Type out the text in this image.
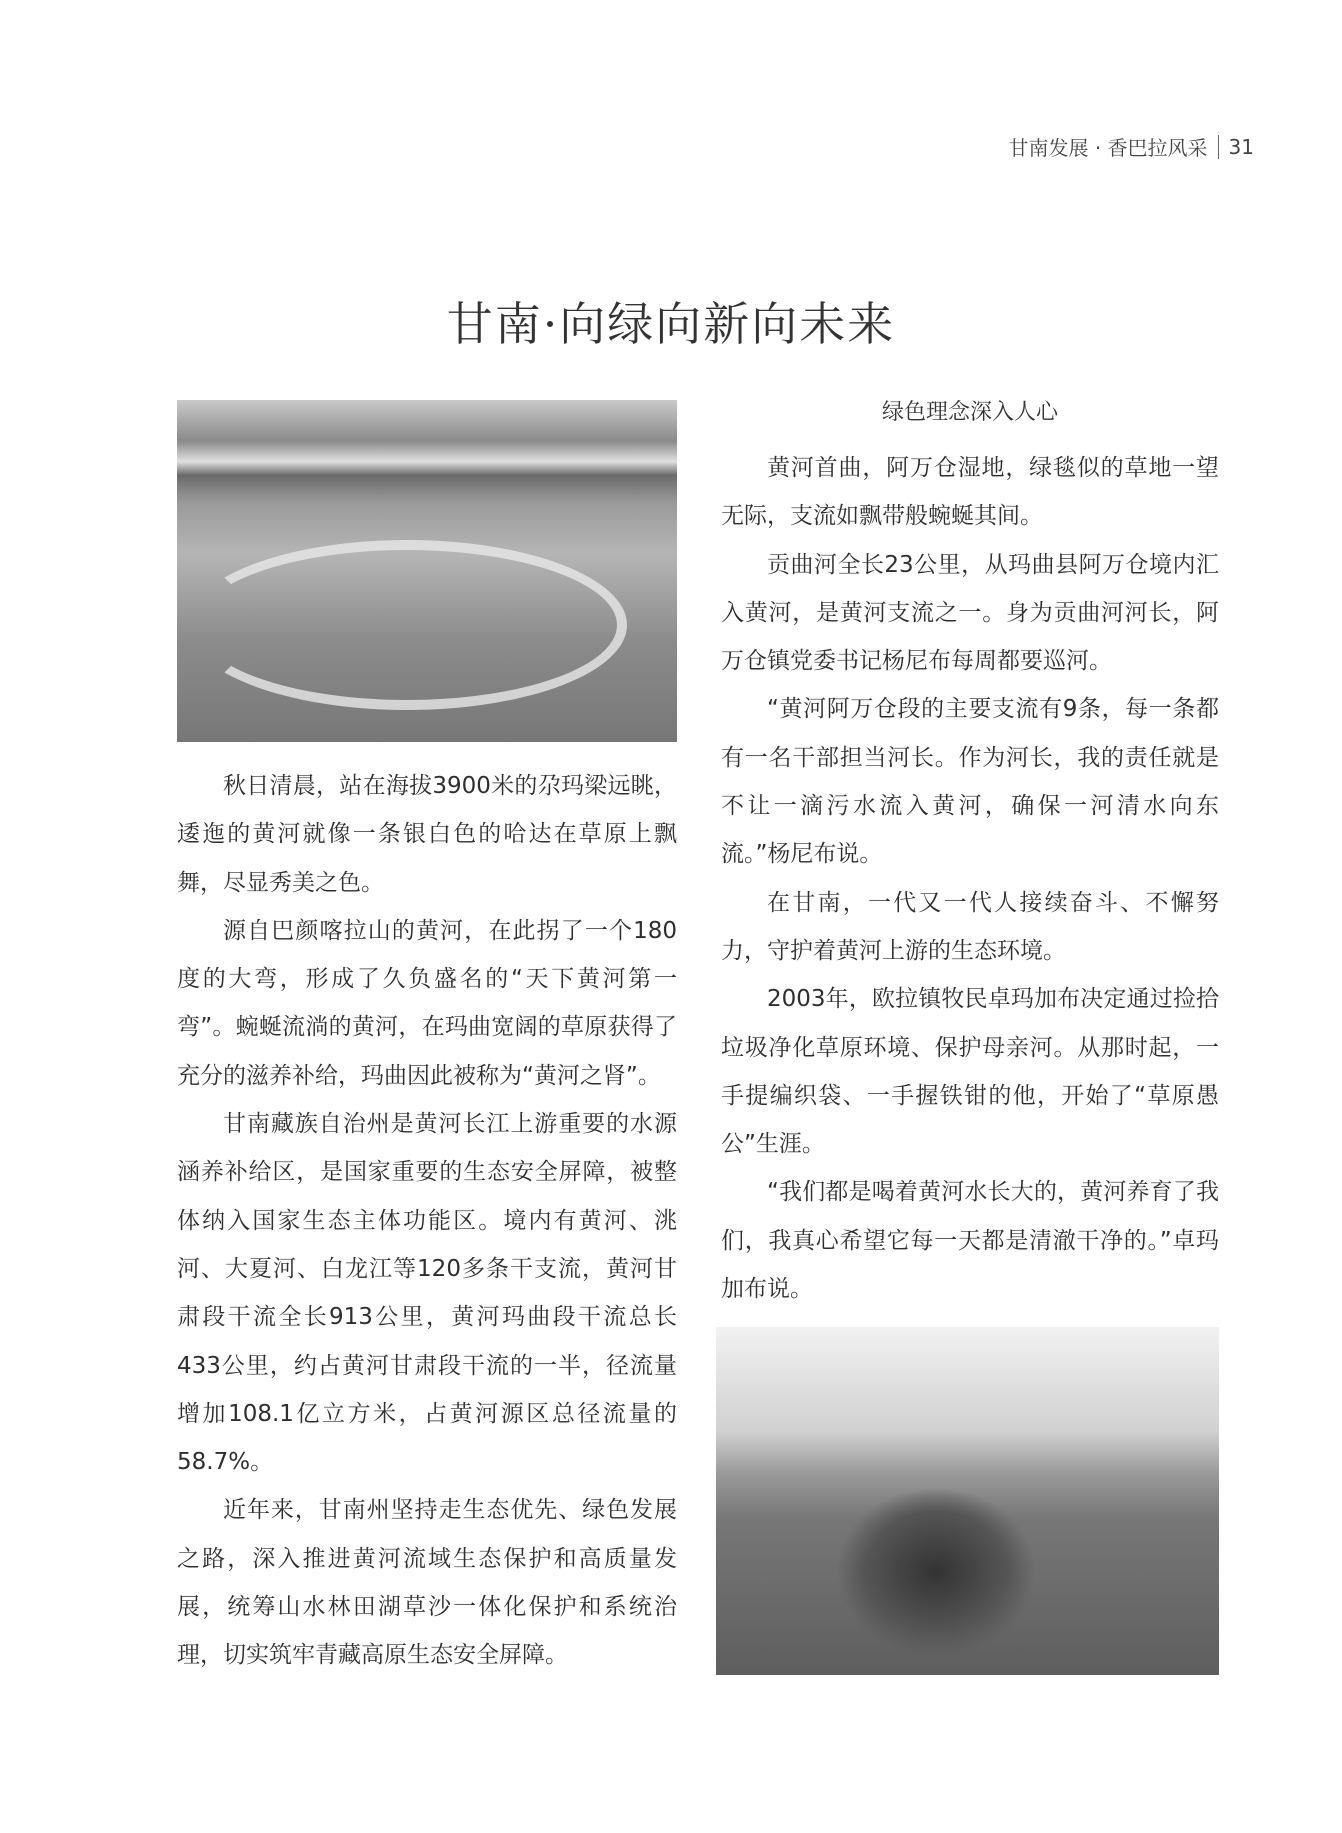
甘南发展 · 香巴拉风采 31
甘南·向绿向新向未来

秋日清晨，站在海拔3900米的尕玛梁远眺，逶迤的黄河就像一条银白色的哈达在草原上飘舞，尽显秀美之色。

源自巴颜喀拉山的黄河，在此拐了一个180度的大弯，形成了久负盛名的“天下黄河第一弯”。蜿蜒流淌的黄河，在玛曲宽阔的草原获得了充分的滋养补给，玛曲因此被称为“黄河之肾”。

甘南藏族自治州是黄河长江上游重要的水源涵养补给区，是国家重要的生态安全屏障，被整体纳入国家生态主体功能区。境内有黄河、洮河、大夏河、白龙江等120多条干支流，黄河甘肃段干流全长913公里，黄河玛曲段干流总长433公里，约占黄河甘肃段干流的一半，径流量增加108.1亿立方米，占黄河源区总径流量的58.7%。

近年来，甘南州坚持走生态优先、绿色发展之路，深入推进黄河流域生态保护和高质量发展，统筹山水林田湖草沙一体化保护和系统治理，切实筑牢青藏高原生态安全屏障。

绿色理念深入人心

黄河首曲，阿万仓湿地，绿毯似的草地一望无际，支流如飘带般蜿蜒其间。

贡曲河全长23公里，从玛曲县阿万仓境内汇入黄河，是黄河支流之一。身为贡曲河河长，阿万仓镇党委书记杨尼布每周都要巡河。

“黄河阿万仓段的主要支流有9条，每一条都有一名干部担当河长。作为河长，我的责任就是不让一滴污水流入黄河，确保一河清水向东流。”杨尼布说。

在甘南，一代又一代人接续奋斗、不懈努力，守护着黄河上游的生态环境。

2003年，欧拉镇牧民卓玛加布决定通过捡拾垃圾净化草原环境、保护母亲河。从那时起，一手提编织袋、一手握铁钳的他，开始了“草原愚公”生涯。

“我们都是喝着黄河水长大的，黄河养育了我们，我真心希望它每一天都是清澈干净的。”卓玛加布说。
